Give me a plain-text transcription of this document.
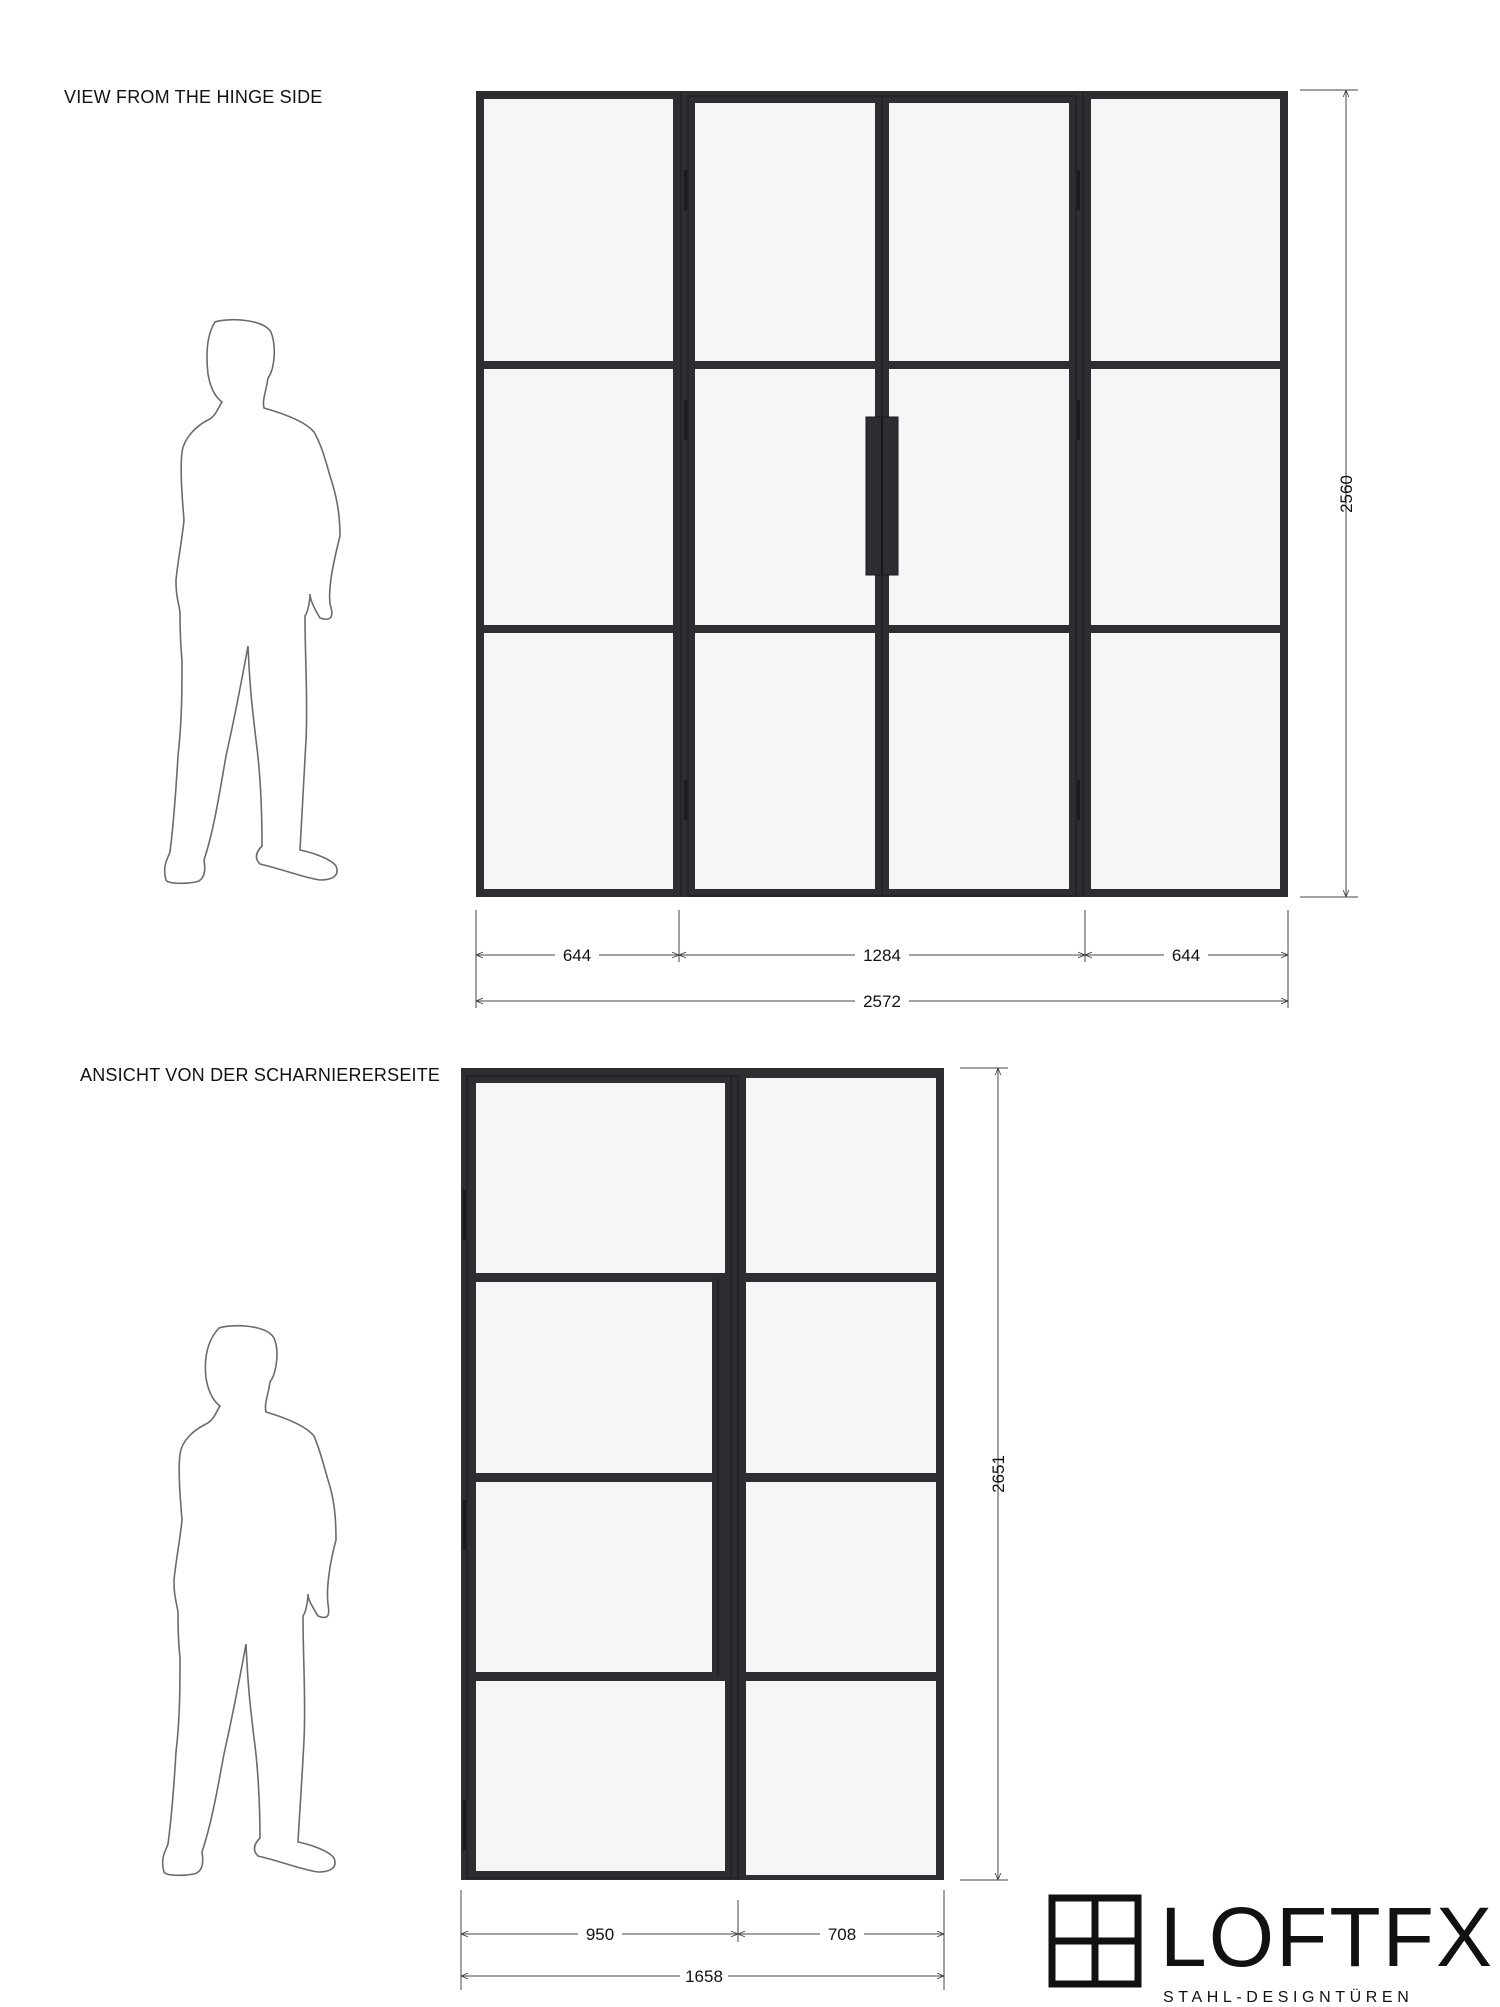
VIEW FROM THE HINGE SIDE
ANSICHT VON DER SCHARNIERERSEITE
2560
644	1284	644
2572
2651
950	708
1658	LOFTFX
STAHL-DESIGNTÜREN
